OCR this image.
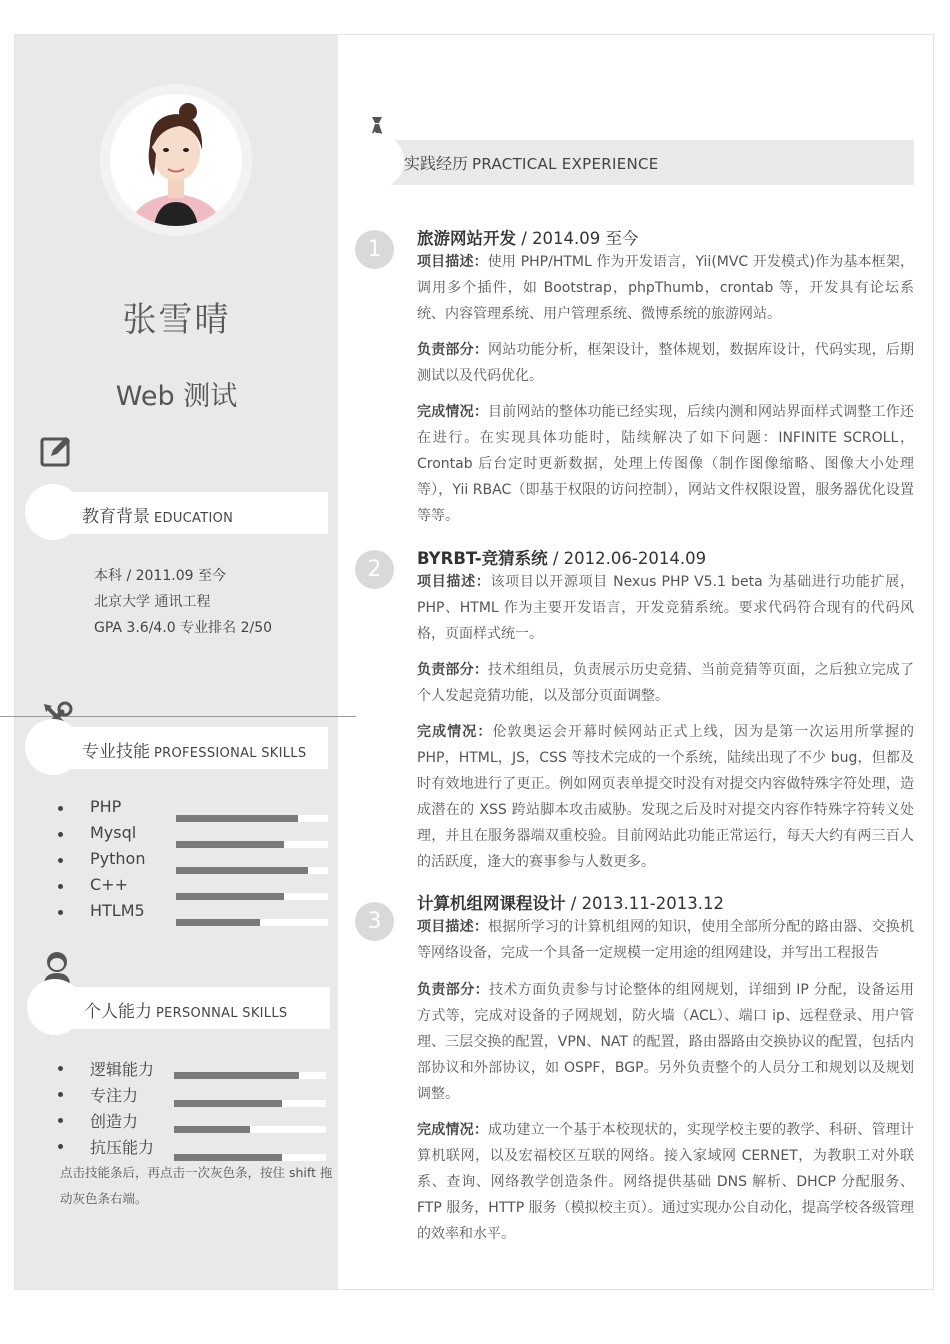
张雪晴
Web 测试
教育背景 EDUCATION
本科 / 2011.09 至今
北京大学 通讯工程
GPA 3.6/4.0 专业排名 2/50
专业技能 PROFESSIONAL SKILLS
PHP
Mysql
Python
C++
HTLM5
个人能力 PERSONNAL SKILLS
逻辑能力
专注力
创造力
抗压能力
点击技能条后，再点击一次灰色条，按住 shift 拖动灰色条右端。
实践经历 PRACTICAL EXPERIENCE
1	旅游网站开发 / 2014.09 至今
项目描述：使用 PHP/HTML 作为开发语言，Yii(MVC 开发模式)作为基本框架，调用多个插件，如 Bootstrap，phpThumb，crontab 等，开发具有论坛系统、内容管理系统、用户管理系统、微博系统的旅游网站。
负责部分：网站功能分析，框架设计，整体规划，数据库设计，代码实现，后期测试以及代码优化。
完成情况：目前网站的整体功能已经实现，后续内测和网站界面样式调整工作还在进行。在实现具体功能时，陆续解决了如下问题：INFINITE SCROLL，Crontab 后台定时更新数据，处理上传图像（制作图像缩略、图像大小处理等），Yii RBAC（即基于权限的访问控制），网站文件权限设置，服务器优化设置等等。
2	BYRBT-竞猜系统 / 2012.06-2014.09
项目描述：该项目以开源项目 Nexus PHP V5.1 beta 为基础进行功能扩展，PHP、HTML 作为主要开发语言，开发竞猜系统。要求代码符合现有的代码风格，页面样式统一。
负责部分：技术组组员，负责展示历史竞猜、当前竞猜等页面，之后独立完成了个人发起竞猜功能，以及部分页面调整。
完成情况：伦敦奥运会开幕时候网站正式上线，因为是第一次运用所掌握的 PHP，HTML，JS，CSS 等技术完成的一个系统，陆续出现了不少 bug，但都及时有效地进行了更正。例如网页表单提交时没有对提交内容做特殊字符处理，造成潜在的 XSS 跨站脚本攻击威胁。发现之后及时对提交内容作特殊字符转义处理，并且在服务器端双重校验。目前网站此功能正常运行，每天大约有两三百人的活跃度，逢大的赛事参与人数更多。
3
计算机组网课程设计 / 2013.11-2013.12
项目描述：根据所学习的计算机组网的知识，使用全部所分配的路由器、交换机等网络设备，完成一个具备一定规模一定用途的组网建设，并写出工程报告
负责部分：技术方面负责参与讨论整体的组网规划，详细到 IP 分配，设备运用方式等，完成对设备的子网规划，防火墙（ACL）、端口 ip、远程登录、用户管理、三层交换的配置，VPN、NAT 的配置，路由器路由交换协议的配置，包括内部协议和外部协议，如 OSPF，BGP。另外负责整个的人员分工和规划以及规划调整。
完成情况：成功建立一个基于本校现状的，实现学校主要的教学、科研、管理计算机联网，以及宏福校区互联的网络。接入家域网 CERNET，为教职工对外联系、查询、网络教学创造条件。网络提供基础 DNS 解析、DHCP 分配服务、FTP 服务，HTTP 服务（模拟校主页）。通过实现办公自动化，提高学校各级管理的效率和水平。
